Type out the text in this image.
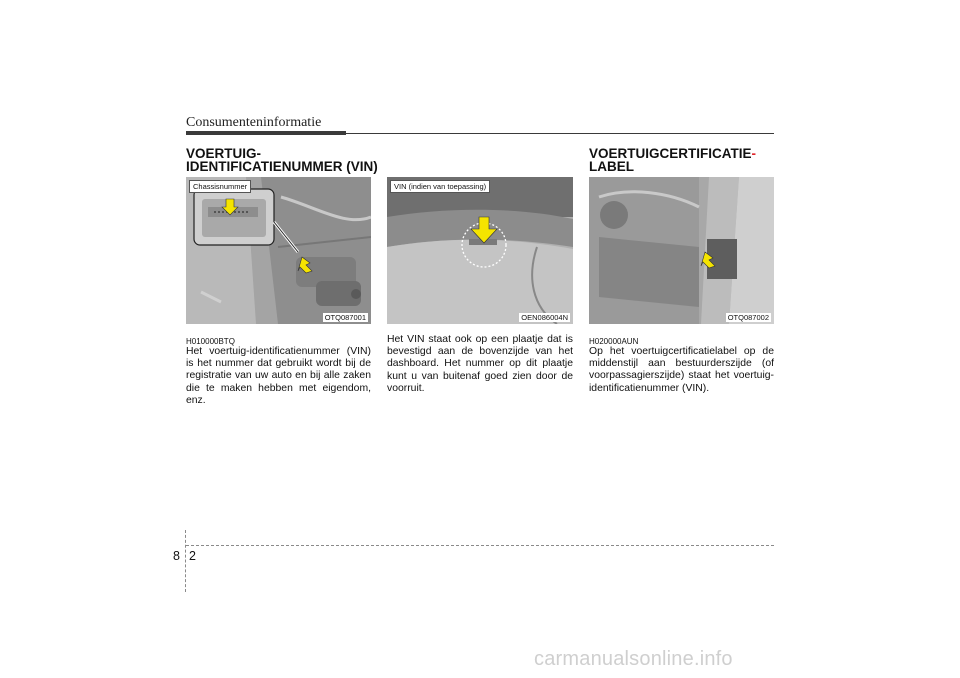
Consumenteninformatie
VOERTUIG-
IDENTIFICATIENUMMER (VIN)
VOERTUIGCERTIFICATIE-
LABEL
Chassisnummer
OTQ087001
VIN (indien van toepassing)
OEN086004N	OTQ087002
H010000BTQ
Het voertuig-identificatienummer (VIN) is het nummer dat gebruikt wordt bij de registratie van uw auto en bij alle zaken die te maken hebben met eigendom, enz.
Het VIN staat ook op een plaatje dat is bevestigd aan de bovenzijde van het dashboard. Het nummer op dit plaatje kunt u van buitenaf goed zien door de voorruit.
H020000AUN
Op het voertuigcertificatielabel op de middenstijl aan bestuurderszijde (of voorpassagierszijde) staat het voertuig-identificatienummer (VIN).
8 2
carmanualsonline.info
